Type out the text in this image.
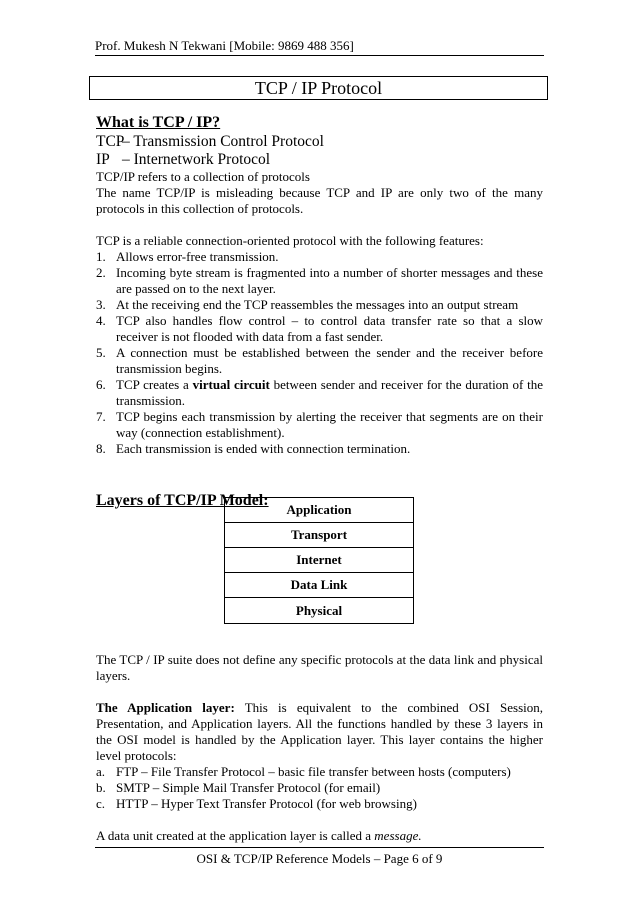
Prof. Mukesh N Tekwani [Mobile: 9869 488 356]
TCP / IP Protocol
What is TCP / IP?
TCP
– Transmission Control Protocol
IP – Internetwork Protocol
TCP/IP refers to a collection of protocols
The name TCP/IP is misleading because TCP and IP are only two of the many protocols in this collection of protocols.
TCP is a reliable connection-oriented protocol with the following features:
1. Allows error-free transmission.
2. Incoming byte stream is fragmented into a number of shorter messages and these are passed on to the next layer.
3. At the receiving end the TCP reassembles the messages into an output stream
4. TCP also handles flow control – to control data transfer rate so that a slow receiver is not flooded with data from a fast sender.
5. A connection must be established between the sender and the receiver before transmission begins.
6. TCP creates a virtual circuit between sender and receiver for the duration of the transmission.
7. TCP begins each transmission by alerting the receiver that segments are on their way (connection establishment).
8. Each transmission is ended with connection termination.
Layers of TCP/IP Model:
Application
Transport
Internet
Data Link
Physical
The TCP / IP suite does not define any specific protocols at the data link and physical layers.
The Application layer: This is equivalent to the combined OSI Session, Presentation, and Application layers. All the functions handled by these 3 layers in the OSI model is handled by the Application layer. This layer contains the higher level protocols:
a. FTP – File Transfer Protocol – basic file transfer between hosts (computers)
b. SMTP – Simple Mail Transfer Protocol (for email)
c. HTTP – Hyper Text Transfer Protocol (for web browsing)
A data unit created at the application layer is called a message.
OSI & TCP/IP Reference Models – Page 6 of 9
